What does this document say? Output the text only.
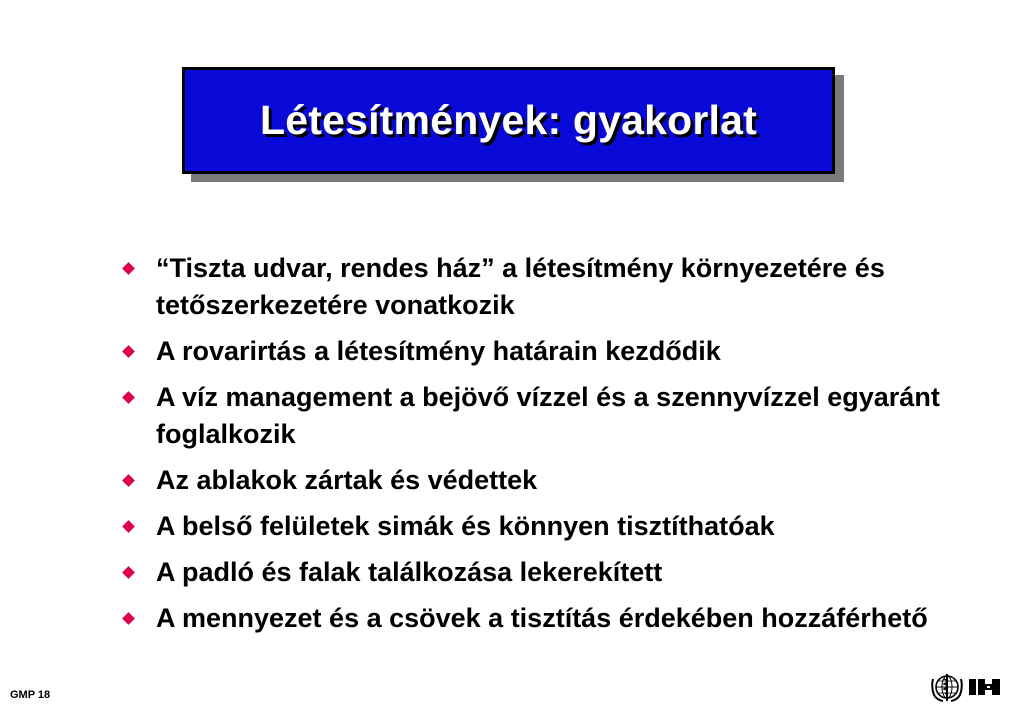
Létesítmények: gyakorlat
“Tiszta udvar, rendes ház” a létesítmény környezetére és tetőszerkezetére vonatkozik
A rovarirtás a létesítmény határain kezdődik
A víz management a bejövő vízzel és a szennyvízzel egyaránt foglalkozik
Az ablakok zártak és védettek
A belső felületek simák és könnyen tisztíthatóak
A padló és falak találkozása lekerekített
A mennyezet és a csövek a tisztítás érdekében hozzáférhető
GMP 18
